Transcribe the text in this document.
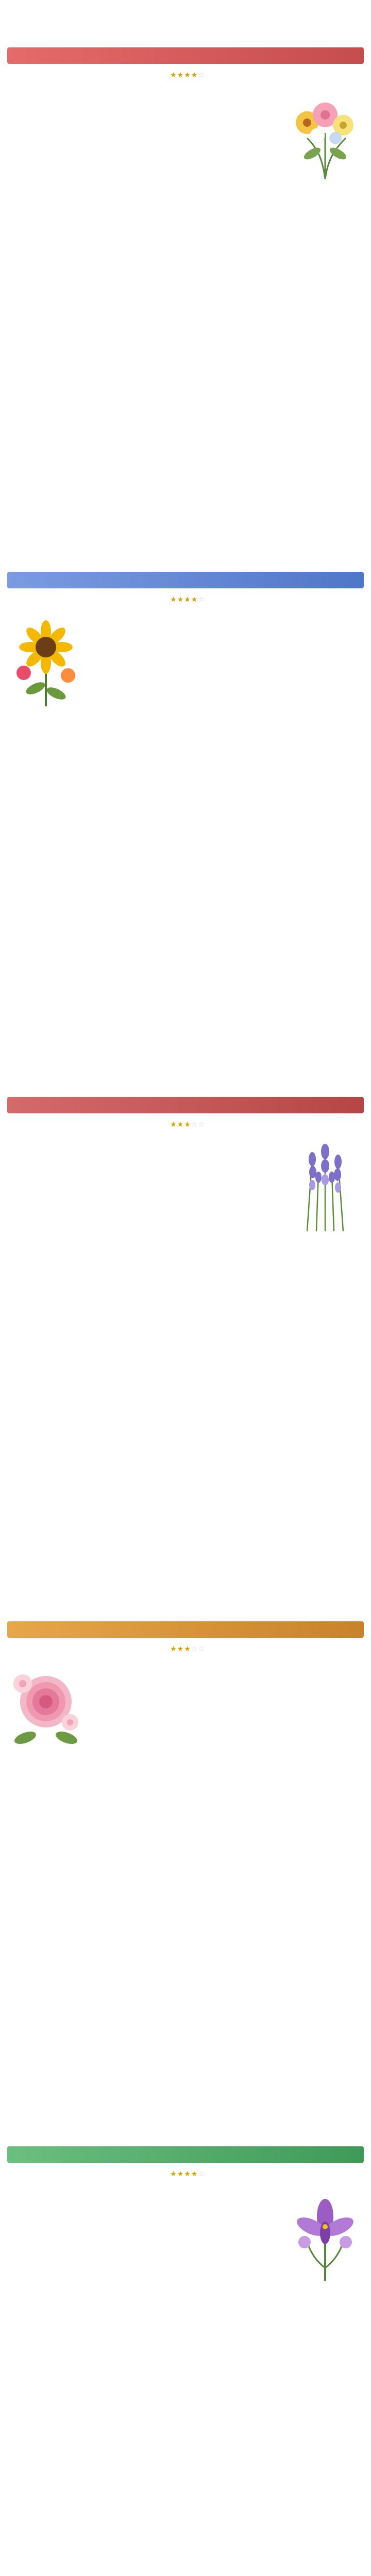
★★★★☆

★★★★☆

★★★☆☆

★★★☆☆

★★★★☆
